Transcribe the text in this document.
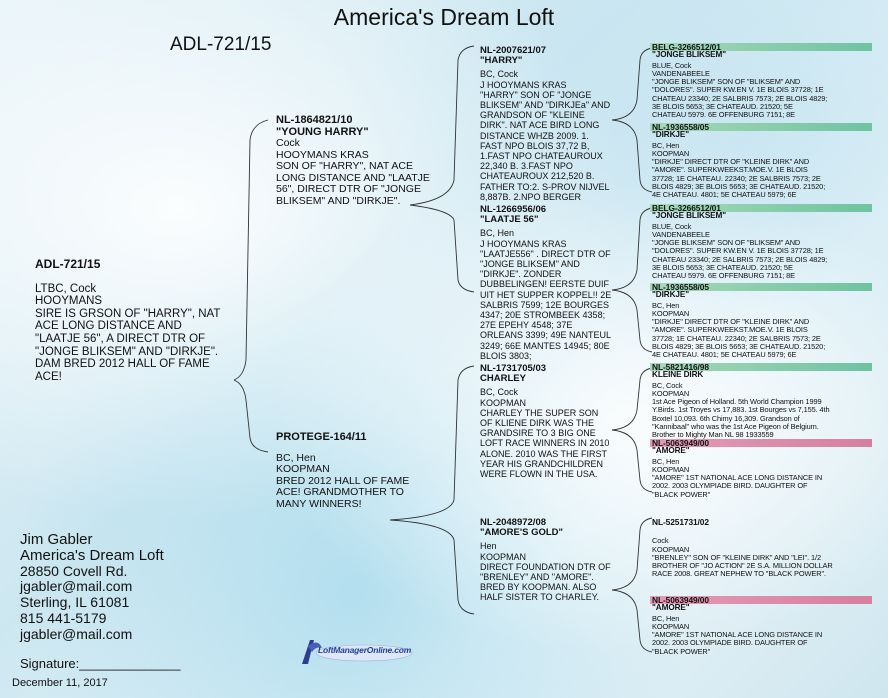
America's Dream Loft
ADL-721/15
ADL-721/15
LTBC, Cock
HOOYMANS
SIRE IS GRSON OF "HARRY", NAT
ACE LONG DISTANCE AND
"LAATJE 56", A DIRECT DTR OF
"JONGE BLIKSEM" AND "DIRKJE".
DAM BRED 2012 HALL OF FAME
ACE!
NL-1864821/10
"YOUNG HARRY"
Cock
HOOYMANS KRAS
SON OF "HARRY", NAT ACE
LONG DISTANCE AND "LAATJE
56", DIRECT DTR OF "JONGE
BLIKSEM" AND "DIRKJE".
PROTEGE-164/11
BC, Hen
KOOPMAN
BRED 2012 HALL OF FAME
ACE! GRANDMOTHER TO
MANY WINNERS!
NL-2007621/07
"HARRY"
BC, Cock
J HOOYMANS KRAS
"HARRY" SON OF "JONGE
BLIKSEM" AND "DIRKJEa" AND
GRANDSON OF "KLEINE
DIRK". NAT ACE BIRD LONG
DISTANCE WHZB 2009. 1.
FAST NPO BLOIS 37,72 B,
1.FAST NPO CHATEAUROUX
22,340 B. 3.FAST NPO
CHATEAUROUX 212,520 B.
FATHER TO:2. S-PROV NIJVEL
8,887B. 2.NPO BERGER
NL-1266956/06
"LAATJE 56"
BC, Hen
J HOOYMANS KRAS
"LAATJE556" . DIRECT DTR OF
"JONGE BLIKSEM" AND
"DIRKJE". ZONDER
DUBBELINGEN! EERSTE DUIF
UIT HET SUPPER KOPPEL!! 2E
SALBRIS 7599; 12E BOURGES
4347; 20E STROMBEEK 4358;
27E EPEHY 4548; 37E
ORLEANS 3399; 49E NANTEUL
3249; 66E MANTES 14945; 80E
BLOIS 3803;
NL-1731705/03
CHARLEY
BC, Cock
KOOPMAN
CHARLEY THE SUPER SON
OF KLIENE DIRK WAS THE
GRANDSIRE TO 3 BIG ONE
LOFT RACE WINNERS IN 2010
ALONE. 2010 WAS THE FIRST
YEAR HIS GRANDCHILDREN
WERE FLOWN IN THE USA.
NL-2048972/08
"AMORE'S GOLD"
Hen
KOOPMAN
DIRECT FOUNDATION DTR OF
"BRENLEY" AND "AMORE".
BRED BY KOOPMAN. ALSO
HALF SISTER TO CHARLEY.
BELG-3266512/01
"JONGE BLIKSEM"
BLUE, Cock
VANDENABEELE
"JONGE BLIKSEM" SON OF "BLIKSEM" AND
"DOLORES". SUPER KW.EN V. 1E BLOIS 37728; 1E
CHATEAU 23340; 2E SALBRIS 7573; 2E BLOIS 4829;
3E BLOIS 5653; 3E CHATEAUD. 21520; 5E
CHATEAU 5979. 6E OFFENBURG 7151; 8E
NL-1936558/05
"DIRKJE"
BC, Hen
KOOPMAN
"DIRKJE" DIRECT DTR OF "KLEINE DIRK" AND
"AMORE". SUPERKWEEKST.MOE.V. 1E BLOIS
37728; 1E CHATEAU. 22340; 2E SALBRIS 7573; 2E
BLOIS 4829; 3E BLOIS 5653; 3E CHATEAUD. 21520;
4E CHATEAU. 4801; 5E CHATEAU 5979; 6E
BELG-3266512/01
"JONGE BLIKSEM"
BLUE, Cock
VANDENABEELE
"JONGE BLIKSEM" SON OF "BLIKSEM" AND
"DOLORES". SUPER KW.EN V. 1E BLOIS 37728; 1E
CHATEAU 23340; 2E SALBRIS 7573; 2E BLOIS 4829;
3E BLOIS 5653; 3E CHATEAUD. 21520; 5E
CHATEAU 5979. 6E OFFENBURG 7151; 8E
NL-1936558/05
"DIRKJE"
BC, Hen
KOOPMAN
"DIRKJE" DIRECT DTR OF "KLEINE DIRK" AND
"AMORE". SUPERKWEEKST.MOE.V. 1E BLOIS
37728; 1E CHATEAU. 22340; 2E SALBRIS 7573; 2E
BLOIS 4829; 3E BLOIS 5653; 3E CHATEAUD. 21520;
4E CHATEAU. 4801; 5E CHATEAU 5979; 6E
NL-5821416/98
KLEINE DIRK
BC, Cock
KOOPMAN
1st Ace Pigeon of Holland. 5th World Champion 1999
Y.Birds. 1st Troyes vs 17,883. 1st Bourges vs 7,155. 4th
Boxtel 10,093. 6th Chimy 16,309. Grandson of
"Kannibaal" who was the 1st Ace Pigeon of Belgium.
Brother to Mighty Man NL 98 1933559
NL-5063949/00
"AMORE"
BC, Hen
KOOPMAN
"AMORE" 1ST NATIONAL ACE LONG DISTANCE IN
2002. 2003 OLYMPIADE BIRD. DAUGHTER OF
"BLACK POWER"
NL-5251731/02
Cock
KOOPMAN
"BRENLEY" SON OF "KLEINE DIRK" AND "LEI". 1/2
BROTHER OF "JO ACTION" 2E S.A. MILLION DOLLAR
RACE 2008. GREAT NEPHEW TO "BLACK POWER".
NL-5063949/00
"AMORE"
BC, Hen
KOOPMAN
"AMORE" 1ST NATIONAL ACE LONG DISTANCE IN
2002. 2003 OLYMPIADE BIRD. DAUGHTER OF
"BLACK POWER"
Jim Gabler
America's Dream Loft
28850 Covell Rd.
jgabler@mail.com
Sterling, IL 61081
815 441-5179
jgabler@mail.com
Signature:______________
December 11, 2017
LoftManagerOnline.com
